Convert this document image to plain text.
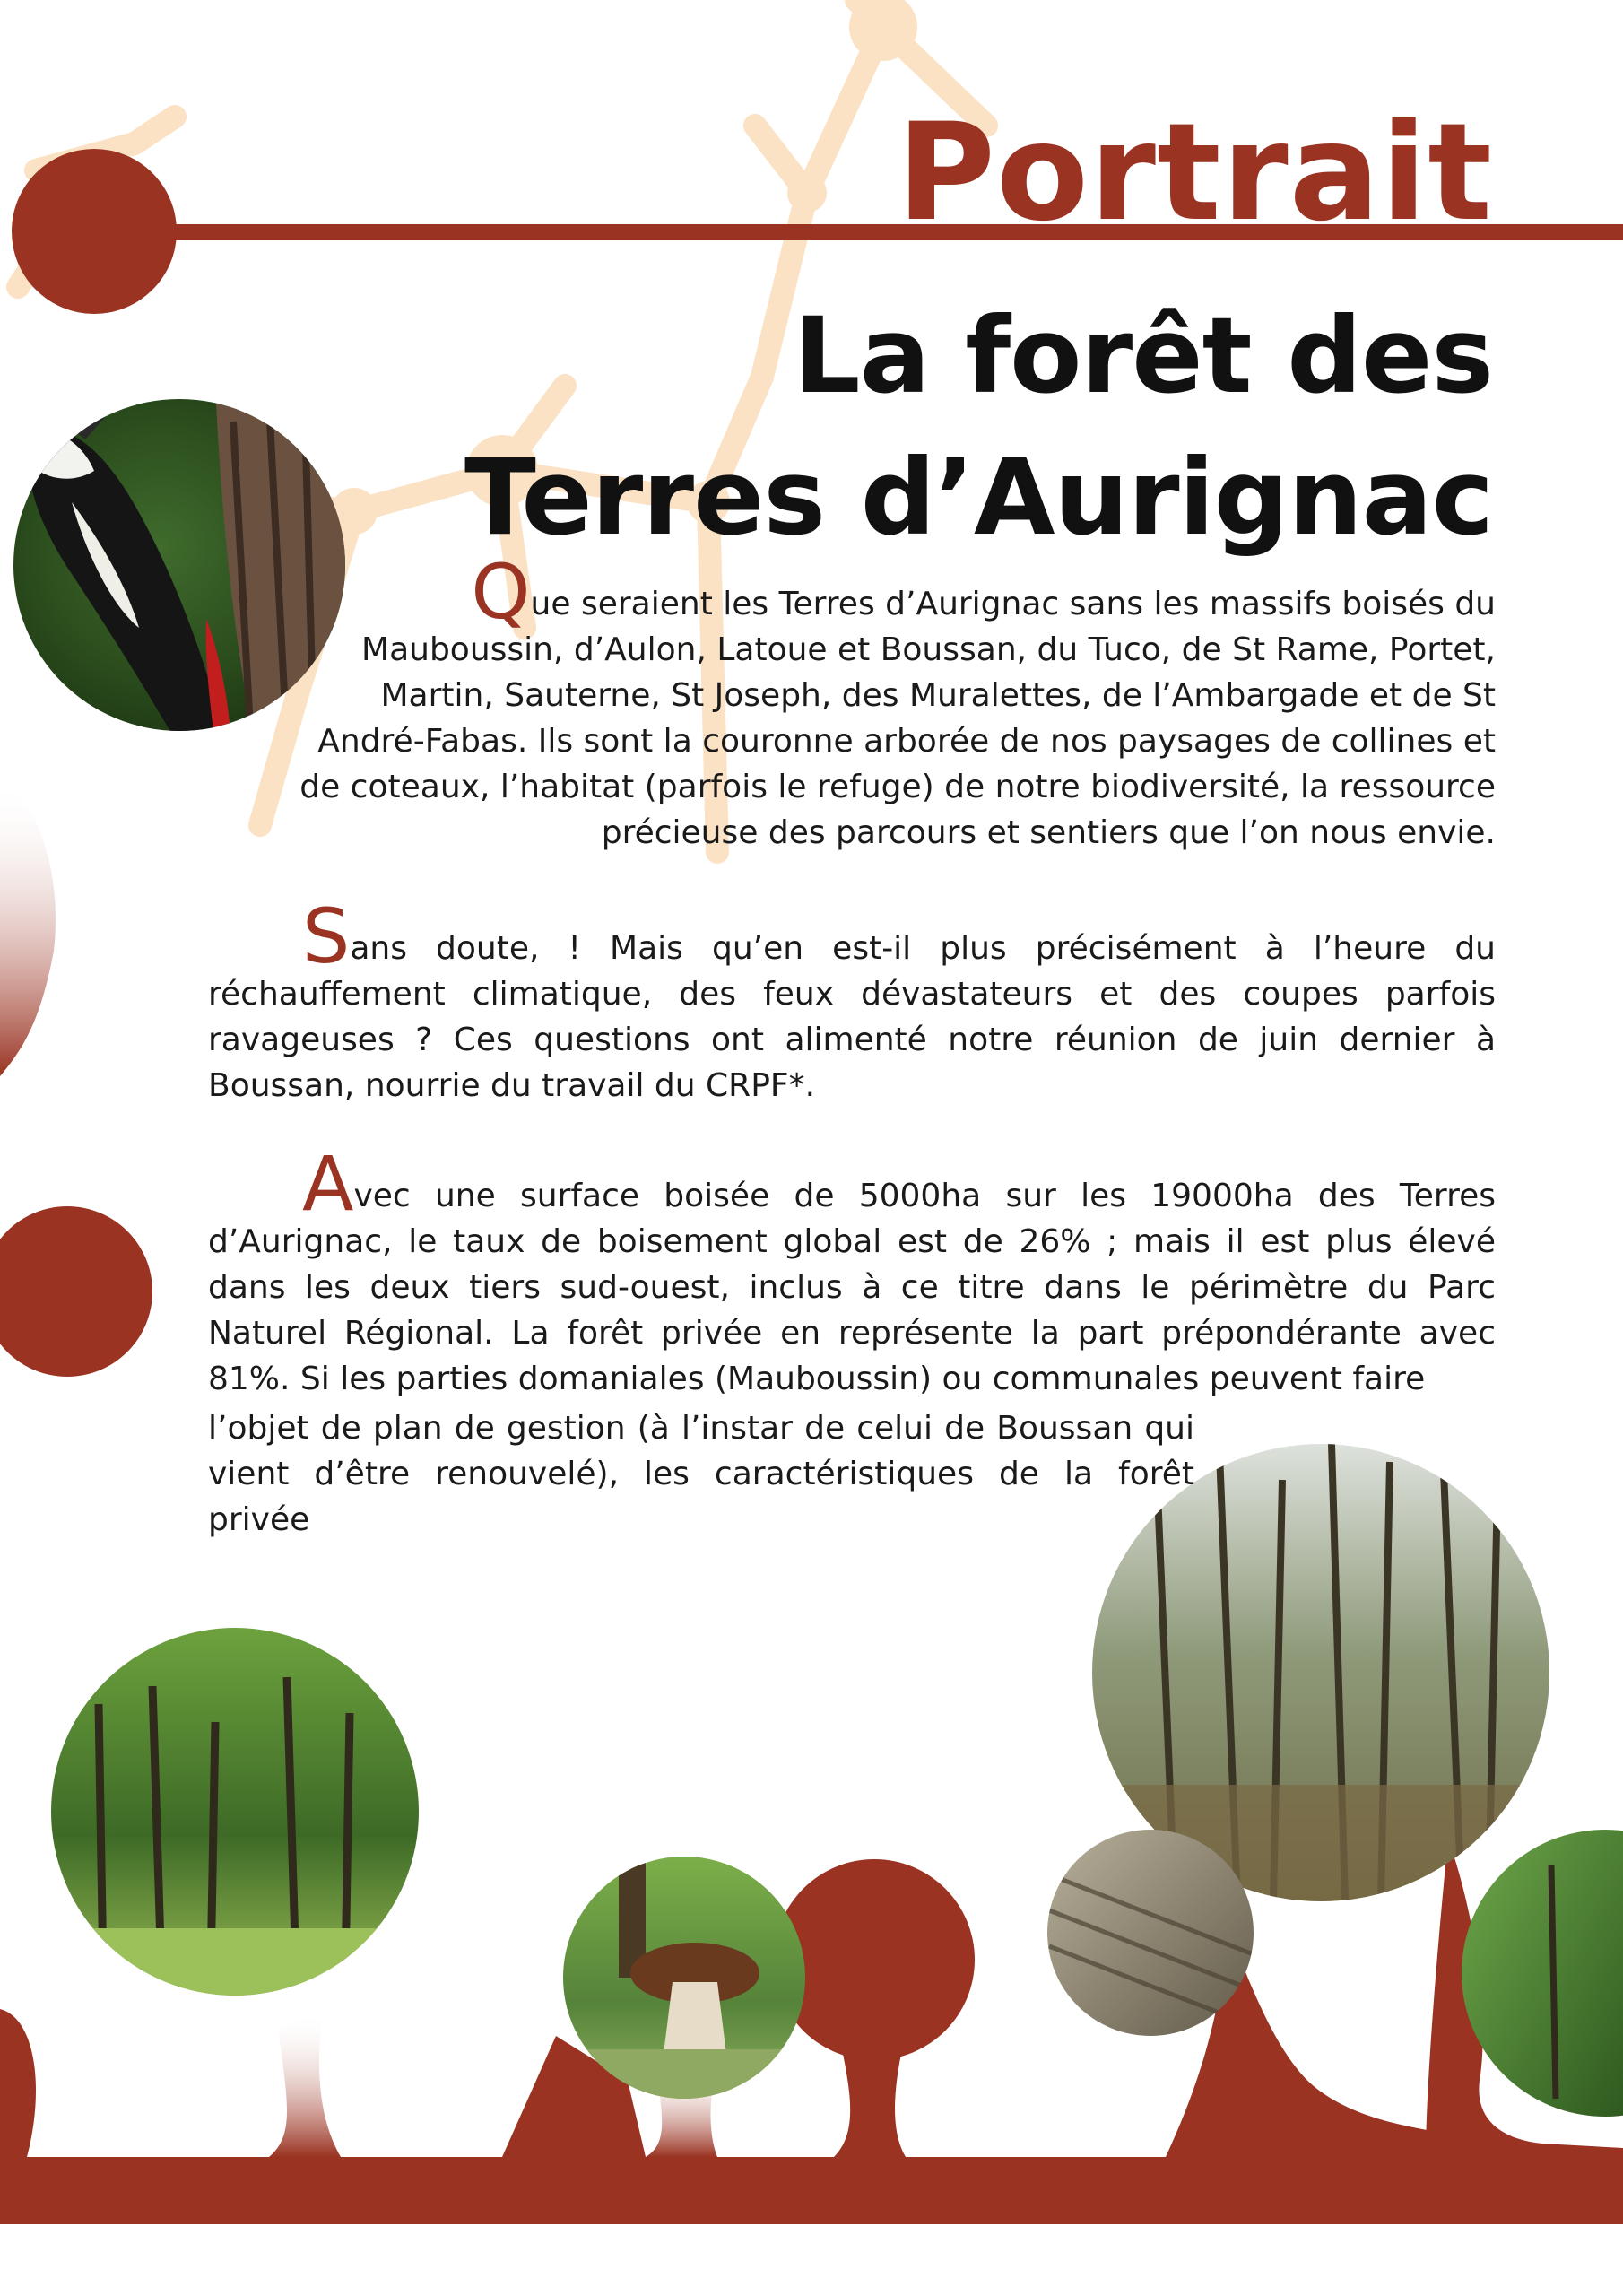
Portrait
La forêt des
Terres d’Aurignac

Que seraient les Terres d’Aurignac sans les massifs boisés du Mauboussin, d’Aulon, Latoue et Boussan, du Tuco, de St Rame, Portet, Martin, Sauterne, St Joseph, des Muralettes, de l’Ambargade et de St André-Fabas. Ils sont la couronne arborée de nos paysages de collines et de coteaux, l’habitat (parfois le refuge) de notre biodiversité, la ressource précieuse des parcours et sentiers que l’on nous envie.

Sans doute, ! Mais qu’en est-il plus précisément à l’heure du réchauffement climatique, des feux dévastateurs et des coupes parfois ravageuses ? Ces questions ont alimenté notre réunion de juin dernier à Boussan, nourrie du travail du CRPF*.

Avec une surface boisée de 5000ha sur les 19000ha des Terres d’Aurignac, le taux de boisement global est de 26% ; mais il est plus élevé dans les deux tiers sud-ouest, inclus à ce titre dans le périmètre du Parc Naturel Régional. La forêt privée en représente la part prépondérante avec 81%. Si les parties domaniales (Mauboussin) ou communales peuvent faire

l’objet de plan de gestion (à l’instar de celui de Boussan qui vient d’être renouvelé), les caractéristiques de la forêt privée
